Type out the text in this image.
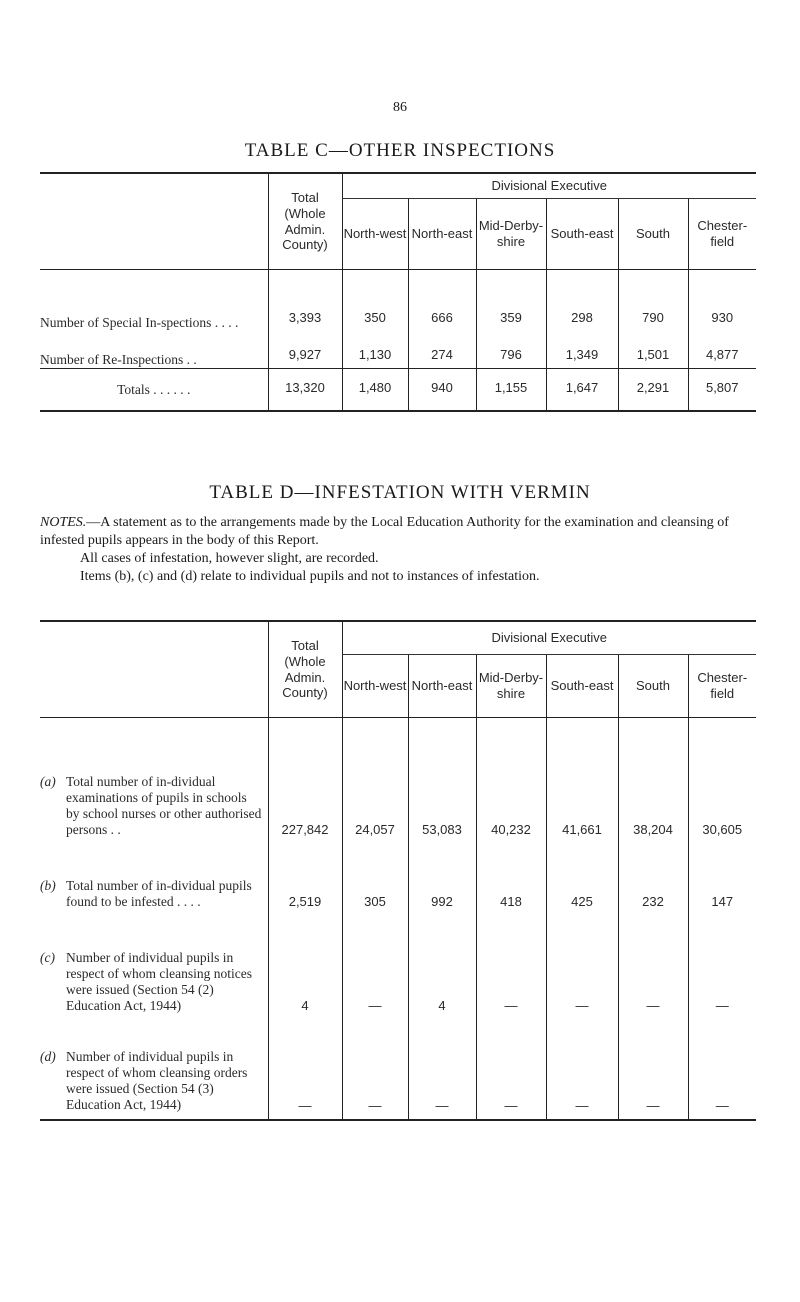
86
TABLE C—OTHER INSPECTIONS
	Total (Whole Admin. County)	Divisional Executive					
		North-west	North-east	Mid-Derby-shire	South-east	South	Chester-field
Number of Special In-spections . . . .	3,393	350	666	359	298	790	930
Number of Re-Inspections . .	9,927	1,130	274	796	1,349	1,501	4,877
Totals . . . . . .	13,320	1,480	940	1,155	1,647	2,291	5,807
TABLE D—INFESTATION WITH VERMIN

NOTES.—A statement as to the arrangements made by the Local Education Authority for the examination and cleansing of infested pupils appears in the body of this Report.

All cases of infestation, however slight, are recorded.

Items (b), (c) and (d) relate to individual pupils and not to instances of infestation.

	Total (Whole Admin. County)	Divisional Executive					
		North-west	North-east	Mid-Derby-shire	South-east	South	Chester-field

(a) Total number of in-dividual examinations of pupils in schools by school nurses or other authorised persons . .	227,842	24,057	53,083	40,232	41,661	38,204	30,605

(b) Total number of in-dividual pupils found to be infested . . . .	2,519	305	992	418	425	232	147

(c) Number of individual pupils in respect of whom cleansing notices were issued (Section 54 (2) Education Act, 1944)	4	—	4	—	—	—	—

(d) Number of individual pupils in respect of whom cleansing orders were issued (Section 54 (3) Education Act, 1944)	—	—	—	—	—	—	—
